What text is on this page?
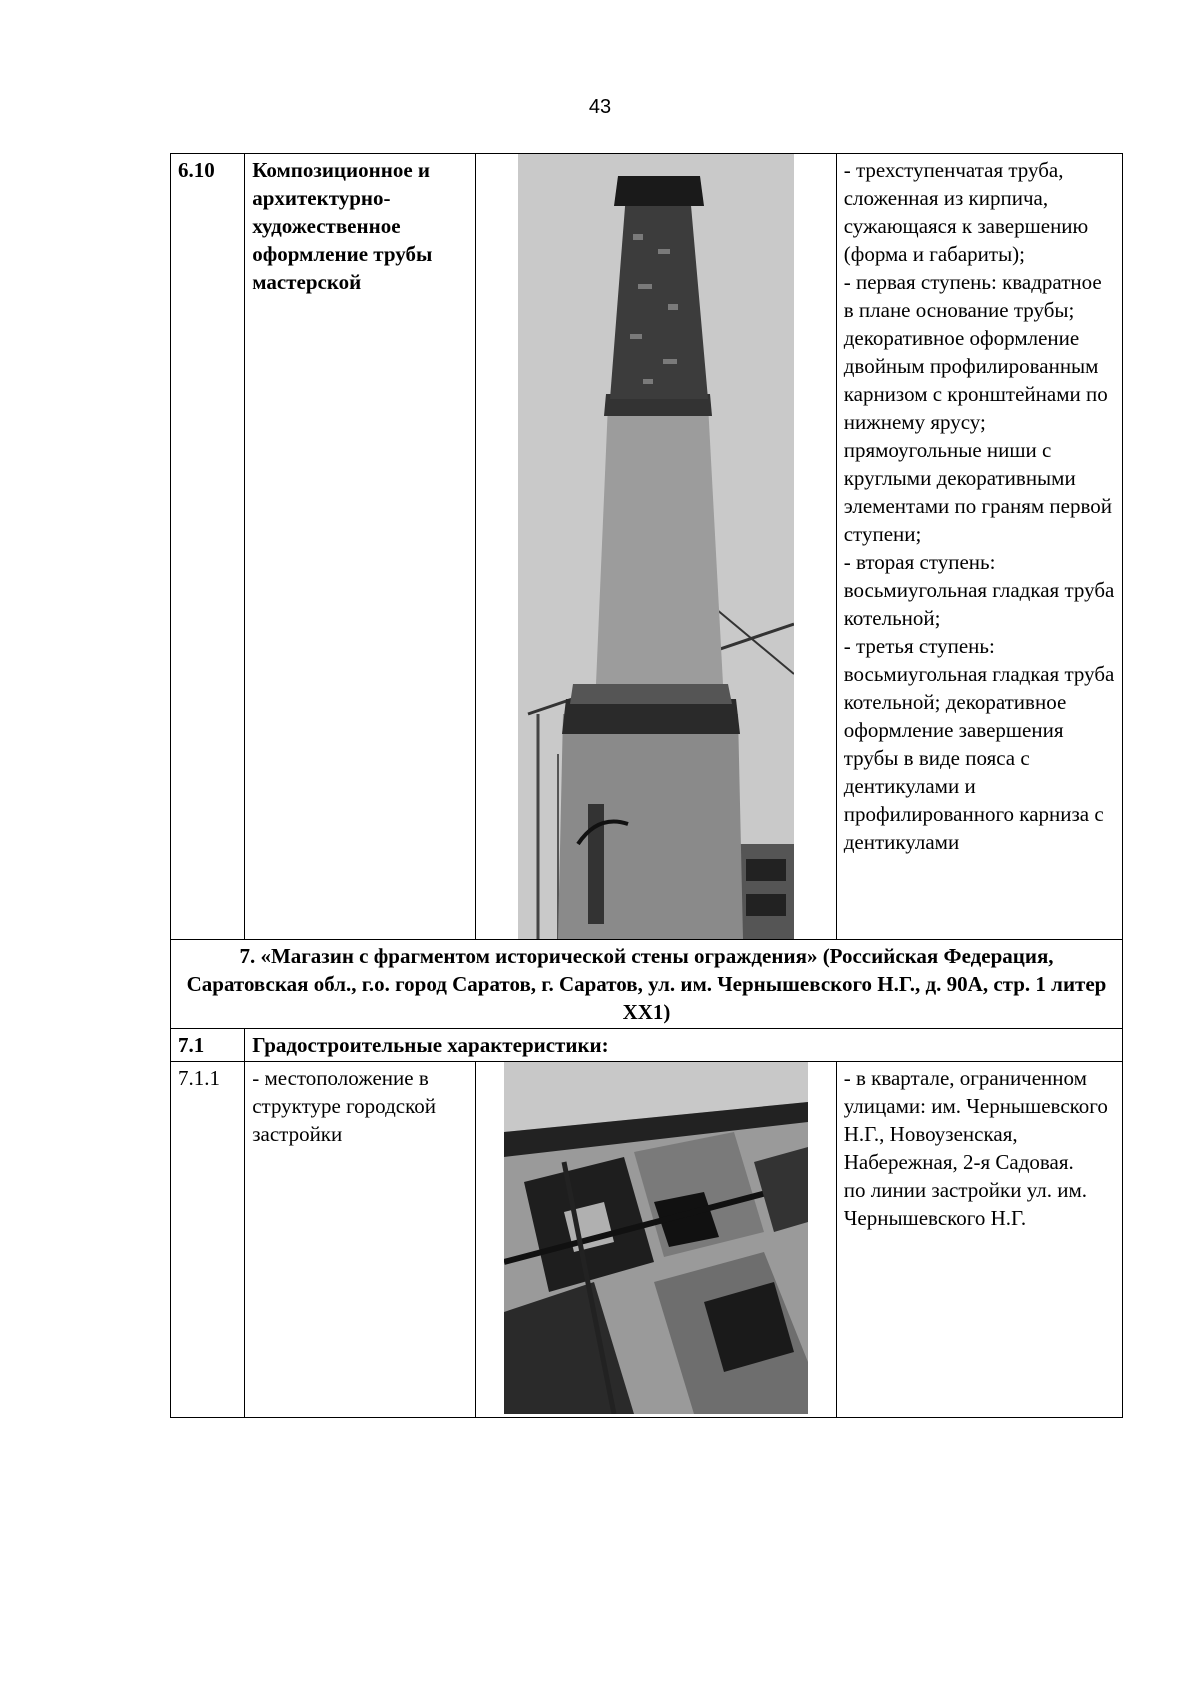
43
6.10	Композиционное и архитектурно-художественное оформление трубы мастерской		- трехступенчатая труба, сложенная из кирпича, сужающаяся к завершению (форма и габариты);
- первая ступень: квадратное в плане основание трубы; декоративное оформление двойным профилированным карнизом с кронштейнами по нижнему ярусу; прямоугольные ниши с круглыми декоративными элементами по граням первой ступени;
- вторая ступень: восьмиугольная гладкая труба котельной;
- третья ступень: восьмиугольная гладкая труба котельной; декоративное оформление завершения трубы в виде пояса с дентикулами и профилированного карниза с дентикулами

7. «Магазин с фрагментом исторической стены ограждения» (Российская Федерация, Саратовская обл., г.о. город Саратов, г. Саратов, ул. им. Чернышевского Н.Г., д. 90А, стр. 1 литер XX1)			
7.1	Градостроительные характеристики:		
7.1.1	- местоположение в структуре городской застройки		- в квартале, ограниченном улицами: им. Чернышевского Н.Г., Новоузенская, Набережная, 2-я Садовая.
по линии застройки ул. им. Чернышевского Н.Г.
